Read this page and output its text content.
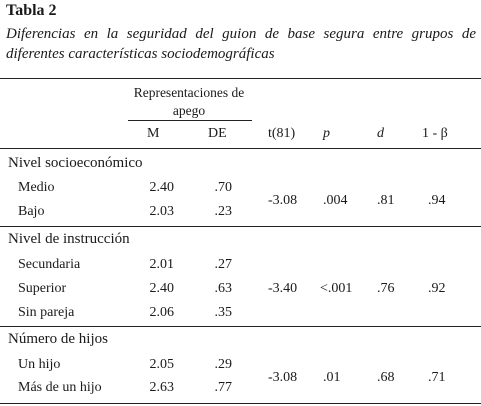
Tabla 2
Diferencias en la seguridad del guion de base segura entre grupos de diferentes características sociodemográficas
Representaciones de apego
M	DE	t(81) p	d	1 - β
Nivel socioeconómico
Medio	2.40	.70
Bajo	2.03	.23
-3.08 .004 .81 .94
Nivel de instrucción
Secundaria	2.01	.27
Superior	2.40	.63
Sin pareja	2.06	.35
-3.40 <.001 .76 .92
Número de hijos
Un hijo	2.05	.29
Más de un hijo	2.63	.77
-3.08 .01	.68 .71
